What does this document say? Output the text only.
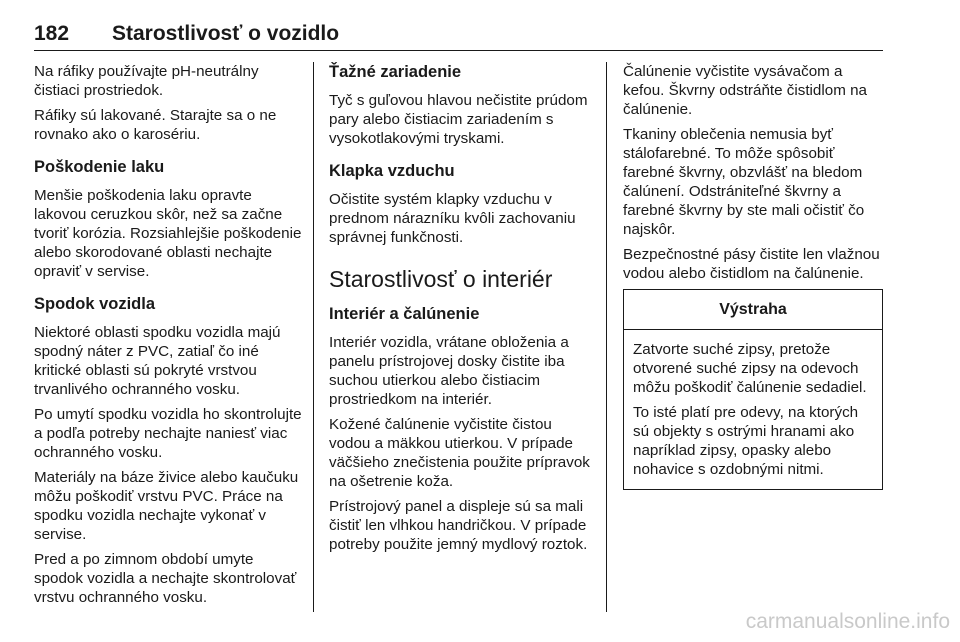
182 Starostlivosť o vozidlo

Na ráfiky používajte pH-neutrálny čistiaci prostriedok.

Ráfiky sú lakované. Starajte sa o ne rovnako ako o karosériu.

Poškodenie laku

Menšie poškodenia laku opravte lakovou ceruzkou skôr, než sa začne tvoriť korózia. Rozsiahlejšie poškodenie alebo skorodované oblasti nechajte opraviť v servise.

Spodok vozidla

Niektoré oblasti spodku vozidla majú spodný náter z PVC, zatiaľ čo iné kritické oblasti sú pokryté vrstvou trvanlivého ochranného vosku.

Po umytí spodku vozidla ho skontrolujte a podľa potreby nechajte naniesť viac ochranného vosku.

Materiály na báze živice alebo kaučuku môžu poškodiť vrstvu PVC. Práce na spodku vozidla nechajte vykonať v servise.

Pred a po zimnom období umyte spodok vozidla a nechajte skontrolovať vrstvu ochranného vosku.

Ťažné zariadenie

Tyč s guľovou hlavou nečistite prúdom pary alebo čistiacim zariadením s vysokotlakovými tryskami.

Klapka vzduchu

Očistite systém klapky vzduchu v prednom nárazníku kvôli zachovaniu správnej funkčnosti.

Starostlivosť o interiér
Interiér a čalúnenie

Interiér vozidla, vrátane obloženia a panelu prístrojovej dosky čistite iba suchou utierkou alebo čistiacim prostriedkom na interiér.

Kožené čalúnenie vyčistite čistou vodou a mäkkou utierkou. V prípade väčšieho znečistenia použite prípravok na ošetrenie koža.

Prístrojový panel a displeje sú sa mali čistiť len vlhkou handričkou. V prípade potreby použite jemný mydlový roztok.

Čalúnenie vyčistite vysávačom a kefou. Škvrny odstráňte čistidlom na čalúnenie.

Tkaniny oblečenia nemusia byť stálofarebné. To môže spôsobiť farebné škvrny, obzvlášť na bledom čalúnení. Odstrániteľné škvrny a farebné škvrny by ste mali očistiť čo najskôr.

Bezpečnostné pásy čistite len vlažnou vodou alebo čistidlom na čalúnenie.

Výstraha

Zatvorte suché zipsy, pretože otvorené suché zipsy na odevoch môžu poškodiť čalúnenie sedadiel.

To isté platí pre odevy, na ktorých sú objekty s ostrými hranami ako napríklad zipsy, opasky alebo nohavice s ozdobnými nitmi.

carmanualsonline.info
